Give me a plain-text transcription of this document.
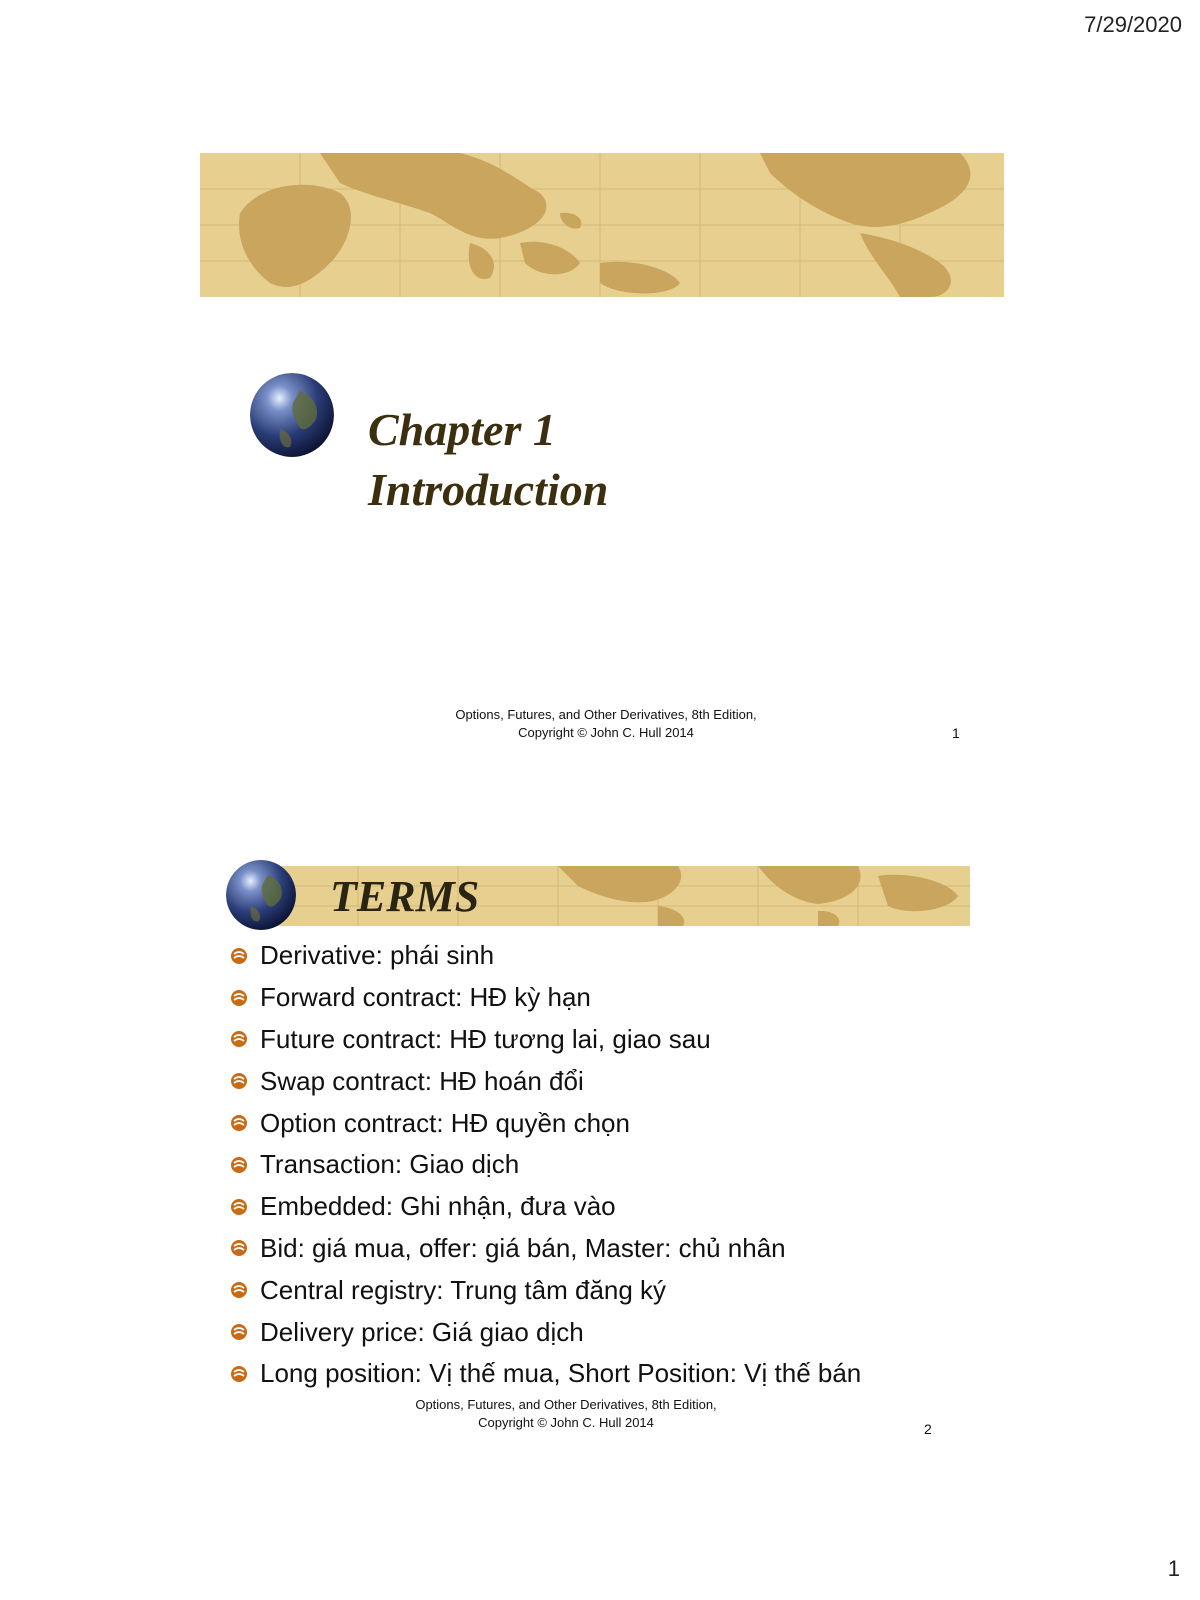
7/29/2020
Chapter 1
Introduction
Options, Futures, and Other Derivatives, 8th Edition,
Copyright © John C. Hull 2014	1
TERMS
Derivative: phái sinh
Forward contract: HĐ kỳ hạn
Future contract: HĐ tương lai, giao sau
Swap contract: HĐ hoán đổi
Option contract: HĐ quyền chọn
Transaction: Giao dịch
Embedded: Ghi nhận, đưa vào
Bid: giá mua, offer: giá bán, Master: chủ nhân
Central registry: Trung tâm đăng ký
Delivery price: Giá giao dịch
Long position: Vị thế mua, Short Position: Vị thế bán
Options, Futures, and Other Derivatives, 8th Edition,
Copyright © John C. Hull 2014	2
1
